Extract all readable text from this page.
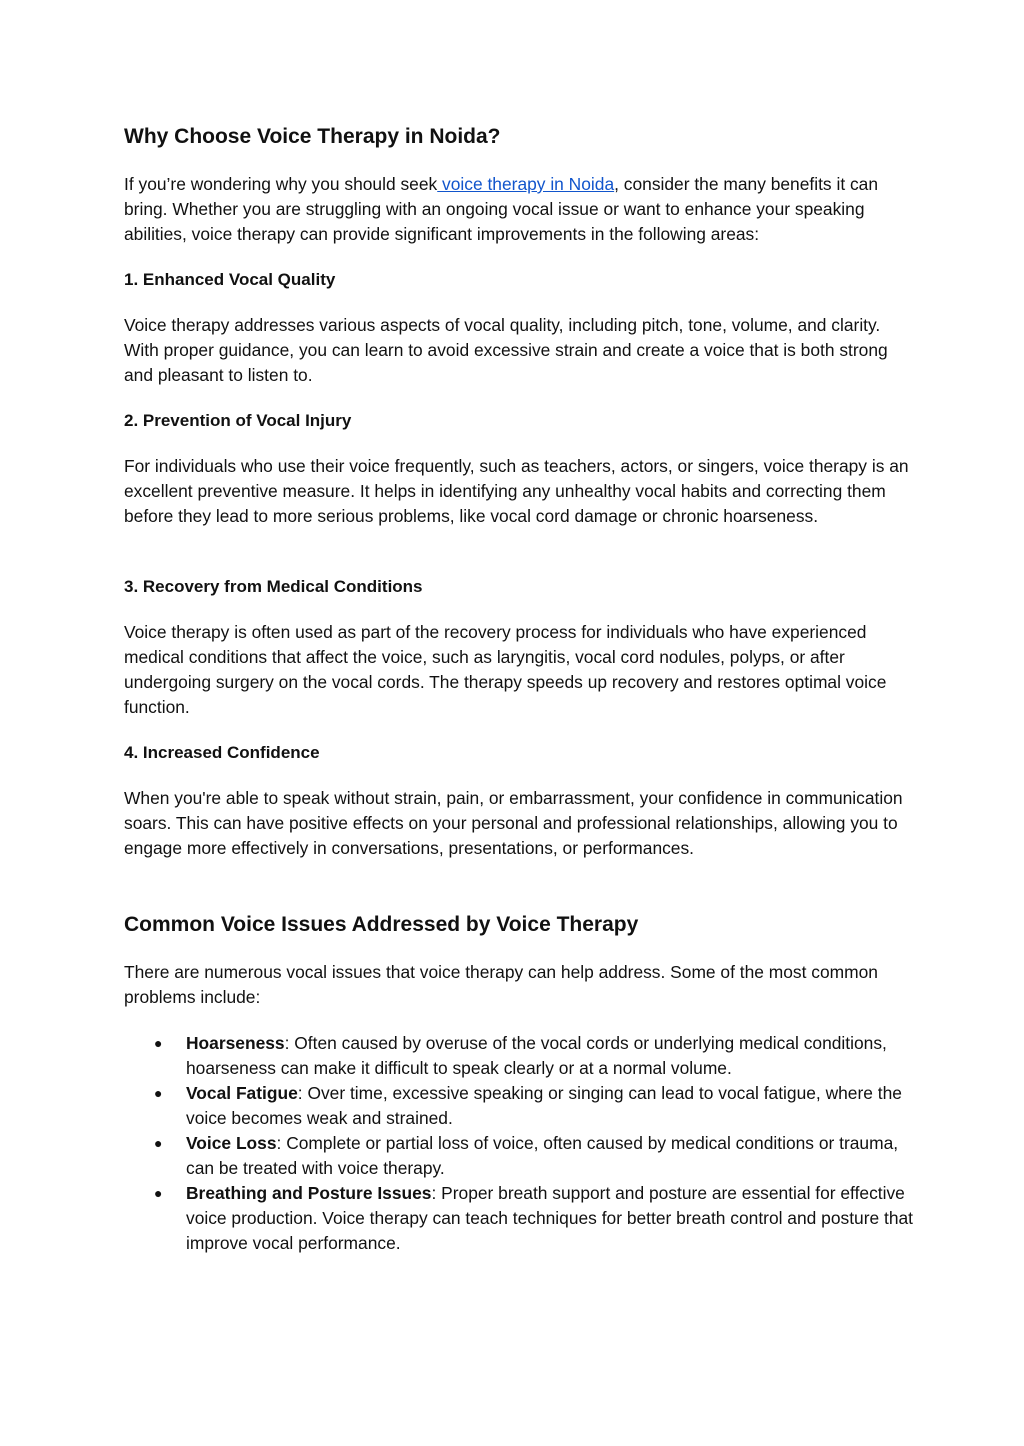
Why Choose Voice Therapy in Noida?

If you’re wondering why you should seek voice therapy in Noida, consider the many benefits it can bring. Whether you are struggling with an ongoing vocal issue or want to enhance your speaking abilities, voice therapy can provide significant improvements in the following areas:

1. Enhanced Vocal Quality

Voice therapy addresses various aspects of vocal quality, including pitch, tone, volume, and clarity. With proper guidance, you can learn to avoid excessive strain and create a voice that is both strong and pleasant to listen to.

2. Prevention of Vocal Injury

For individuals who use their voice frequently, such as teachers, actors, or singers, voice therapy is an excellent preventive measure. It helps in identifying any unhealthy vocal habits and correcting them before they lead to more serious problems, like vocal cord damage or chronic hoarseness.

3. Recovery from Medical Conditions

Voice therapy is often used as part of the recovery process for individuals who have experienced medical conditions that affect the voice, such as laryngitis, vocal cord nodules, polyps, or after undergoing surgery on the vocal cords. The therapy speeds up recovery and restores optimal voice function.

4. Increased Confidence

When you're able to speak without strain, pain, or embarrassment, your confidence in communication soars. This can have positive effects on your personal and professional relationships, allowing you to engage more effectively in conversations, presentations, or performances.

Common Voice Issues Addressed by Voice Therapy

There are numerous vocal issues that voice therapy can help address. Some of the most common problems include:

● Hoarseness: Often caused by overuse of the vocal cords or underlying medical conditions, hoarseness can make it difficult to speak clearly or at a normal volume.
● Vocal Fatigue: Over time, excessive speaking or singing can lead to vocal fatigue, where the voice becomes weak and strained.
● Voice Loss: Complete or partial loss of voice, often caused by medical conditions or trauma, can be treated with voice therapy.
● Breathing and Posture Issues: Proper breath support and posture are essential for effective voice production. Voice therapy can teach techniques for better breath control and posture that improve vocal performance.
